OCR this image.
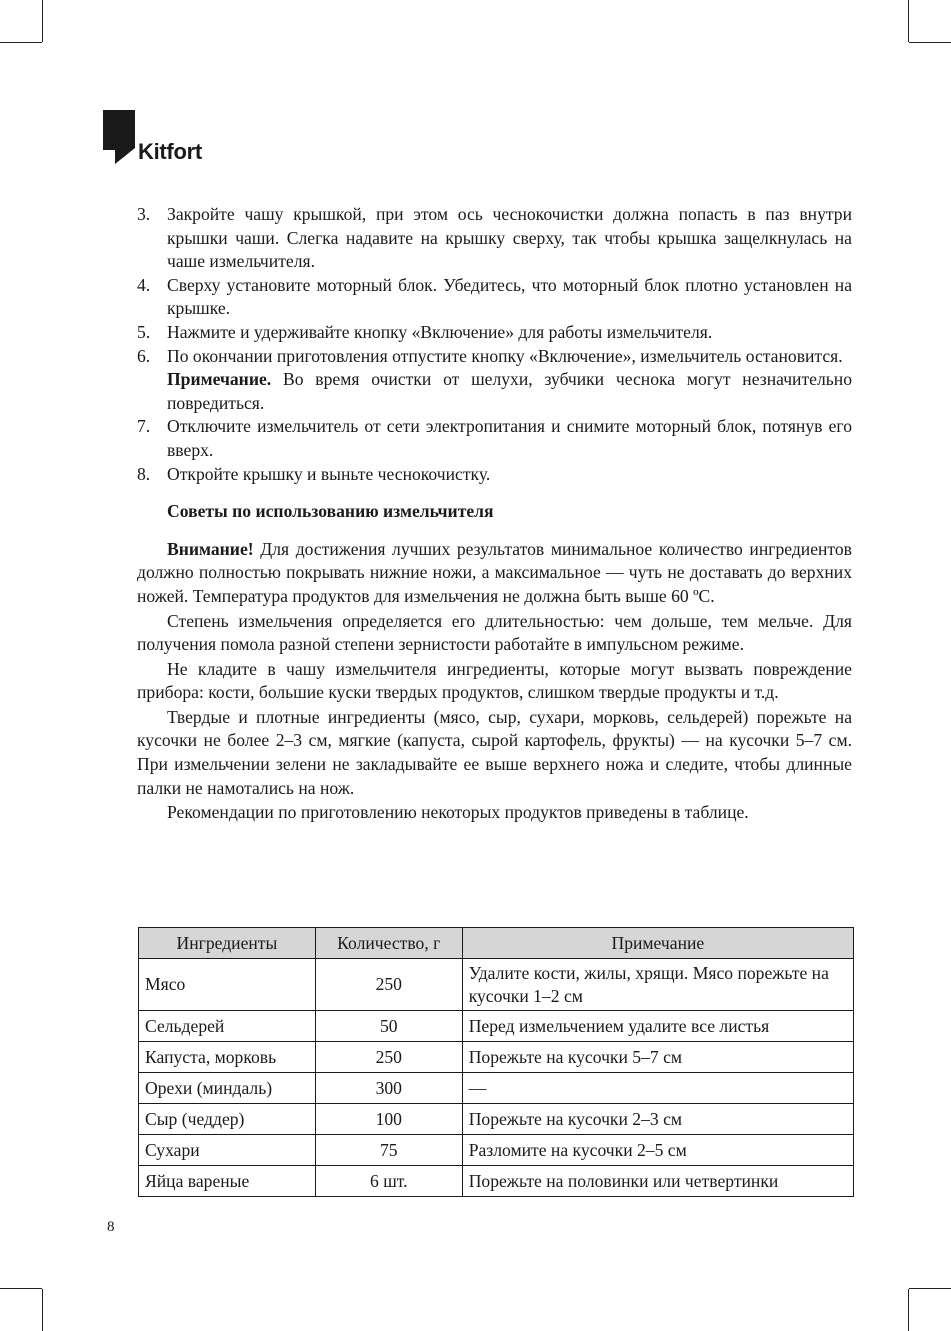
Kitfort
3. Закройте чашу крышкой, при этом ось чеснокочистки должна попасть в паз внутри крышки чаши. Слегка надавите на крышку сверху, так чтобы крышка защелкнулась на чаше измельчителя.
4. Сверху установите моторный блок. Убедитесь, что моторный блок плотно установлен на крышке.
5. Нажмите и удерживайте кнопку «Включение» для работы измельчителя.
6. По окончании приготовления отпустите кнопку «Включение», измельчитель остановится.
Примечание. Во время очистки от шелухи, зубчики чеснока могут незначительно повредиться.
7. Отключите измельчитель от сети электропитания и снимите моторный блок, потянув его вверх.
8. Откройте крышку и выньте чеснокочистку.
Советы по использованию измельчителя

Внимание! Для достижения лучших результатов минимальное количество ингредиентов должно полностью покрывать нижние ножи, а максимальное — чуть не доставать до верхних ножей. Температура продуктов для измельчения не должна быть выше 60 ºС.

Степень измельчения определяется его длительностью: чем дольше, тем мельче. Для получения помола разной степени зернистости работайте в импульсном режиме.

Не кладите в чашу измельчителя ингредиенты, которые могут вызвать повреждение прибора: кости, большие куски твердых продуктов, слишком твердые продукты и т.д.

Твердые и плотные ингредиенты (мясо, сыр, сухари, морковь, сельдерей) порежьте на кусочки не более 2–3 см, мягкие (капуста, сырой картофель, фрукты) — на кусочки 5–7 см. При измельчении зелени не закладывайте ее выше верхнего ножа и следите, чтобы длинные палки не намотались на нож.

Рекомендации по приготовлению некоторых продуктов приведены в таблице.

Ингредиенты	Количество, г	Примечание
Мясо	250	Удалите кости, жилы, хрящи. Мясо порежьте на кусочки 1–2 см
Сельдерей	50	Перед измельчением удалите все листья
Капуста, морковь	250	Порежьте на кусочки 5–7 см
Орехи (миндаль)	300	—
Сыр (чеддер)	100	Порежьте на кусочки 2–3 см
Сухари	75	Разломите на кусочки 2–5 см
Яйца вареные	6 шт.	Порежьте на половинки или четвертинки
8
